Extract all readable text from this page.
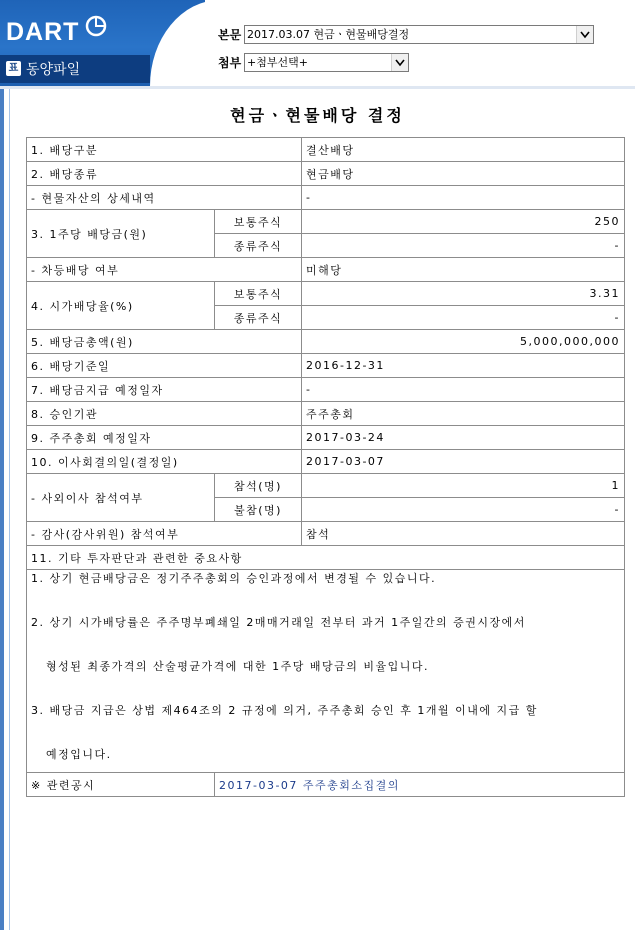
DART
표 동양파일
본문 2017.03.07 현금ㆍ현물배당결정
첨부 +첨부선택+
현금ㆍ현물배당 결정
1. 배당구분		결산배당
2. 배당종류		현금배당
- 현물자산의 상세내역		-
3. 1주당 배당금(원)	보통주식	250
	종류주식	-
- 차등배당 여부		미해당
4. 시가배당율(%)	보통주식	3.31
	종류주식	-
5. 배당금총액(원)		5,000,000,000
6. 배당기준일		2016-12-31
7. 배당금지급 예정일자		-
8. 승인기관		주주총회
9. 주주총회 예정일자		2017-03-24
10. 이사회결의일(결정일)		2017-03-07
- 사외이사 참석여부	참석(명)	1
	불참(명)	-
- 감사(감사위원) 참석여부		참석
11. 기타 투자판단과 관련한 중요사항		

1. 상기 현금배당금은 정기주주총회의 승인과정에서 변경될 수 있습니다.
2. 상기 시가배당률은 주주명부폐쇄일 2매매거래일 전부터 과거 1주일간의 증권시장에서
형성된 최종가격의 산술평균가격에 대한 1주당 배당금의 비율입니다.
3. 배당금 지급은 상법 제464조의 2 규정에 의거, 주주총회 승인 후 1개월 이내에 지급 할
예정입니다.		

※ 관련공시	2017-03-07 주주총회소집결의	
